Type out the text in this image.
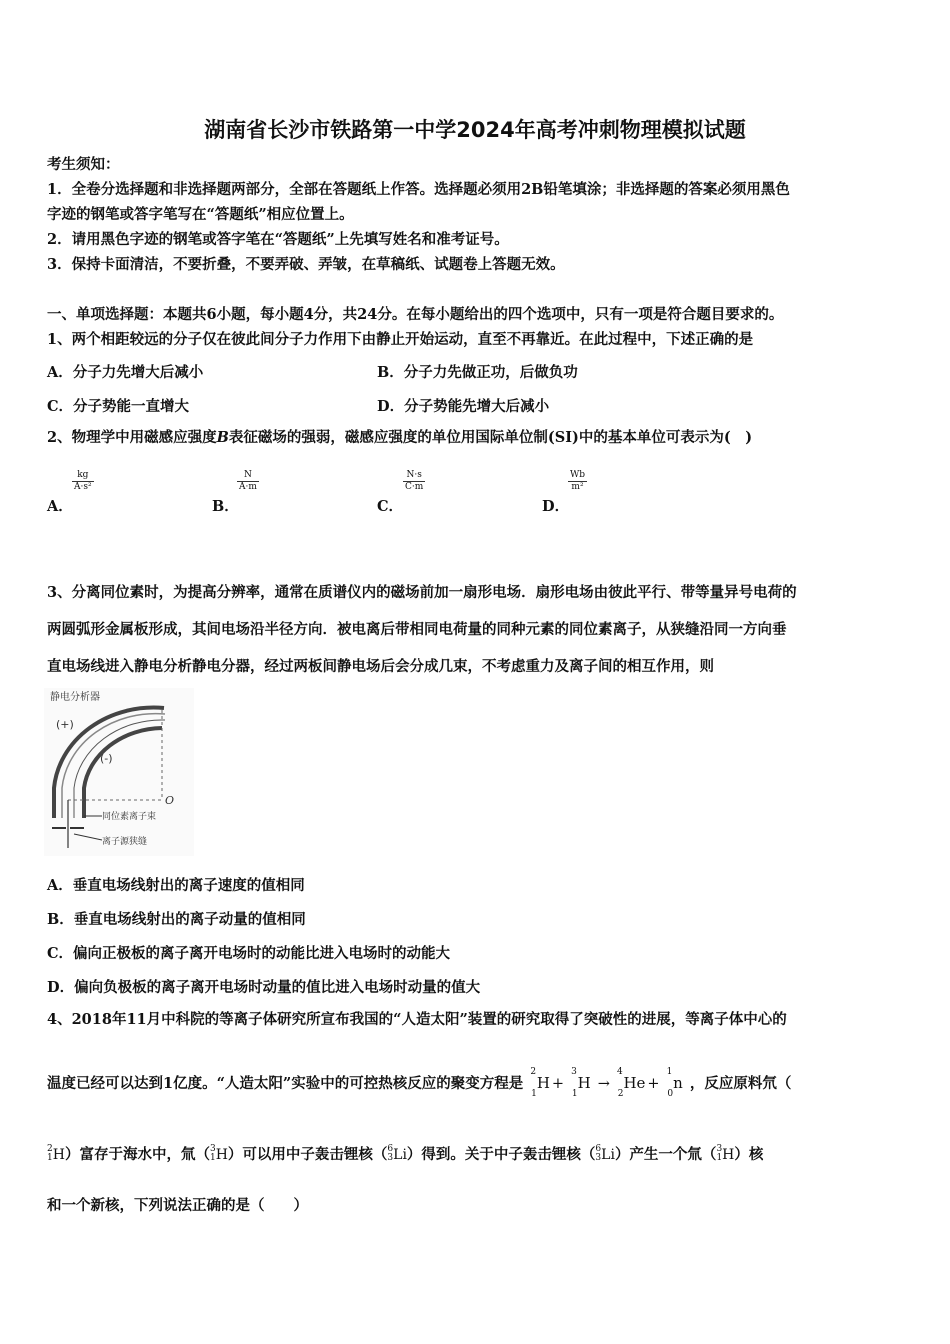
湖南省长沙市铁路第一中学2024年高考冲刺物理模拟试题
考生须知：
1．全卷分选择题和非选择题两部分，全部在答题纸上作答。选择题必须用2B铅笔填涂；非选择题的答案必须用黑色
字迹的钢笔或答字笔写在“答题纸”相应位置上。
2．请用黑色字迹的钢笔或答字笔在“答题纸”上先填写姓名和准考证号。
3．保持卡面清洁，不要折叠，不要弄破、弄皱，在草稿纸、试题卷上答题无效。
一、单项选择题：本题共6小题，每小题4分，共24分。在每小题给出的四个选项中，只有一项是符合题目要求的。
1、两个相距较远的分子仅在彼此间分子力作用下由静止开始运动，直至不再靠近。在此过程中，下述正确的是
A．分子力先增大后减小	B．分子力先做正功，后做负功
C．分子势能一直增大	D．分子势能先增大后减小
2、物理学中用磁感应强度B表征磁场的强弱，磁感应强度的单位用国际单位制(SI)中的基本单位可表示为(　)
A．
$\frac{kg}{\text{A·s²}}$
B．
$\frac{N}{A\cdot m}$
C．
$\frac{N\cdot s}{C\cdot m}$
D．
$\frac{Wb}{\text{m²}}$
3、分离同位素时，为提高分辨率，通常在质谱仪内的磁场前加一扇形电场．扇形电场由彼此平行、带等量异号电荷的
两圆弧形金属板形成，其间电场沿半径方向．被电离后带相同电荷量的同种元素的同位素离子，从狭缝沿同一方向垂
直电场线进入静电分析静电分器，经过两板间静电场后会分成几束，不考虑重力及离子间的相互作用，则
静电分析器
(+)
(-)
O
同位素离子束
离子源狭缝
A．垂直电场线射出的离子速度的值相同
B．垂直电场线射出的离子动量的值相同
C．偏向正极板的离子离开电场时的动能比进入电场时的动能大
D．偏向负极板的离子离开电场时动量的值比进入电场时动量的值大
4、2018年11月中科院的等离子体研究所宣布我国的“人造太阳”装置的研究取得了突破性的进展，等离子体中心的
温度已经可以达到1亿度。“人造太阳”实验中的可控热核反应的聚变方程是 $^2_1$H + $^3_1$H → $^4_2$He + $^1_0$n ，反应原料氘（
2
1H）富存于海水中，氚（3
1H）可以用中子轰击锂核（6
3Li）得到。关于中子轰击锂核（6
3Li）产生一个氚（3
1H）核
和一个新核，下列说法正确的是（　　）
